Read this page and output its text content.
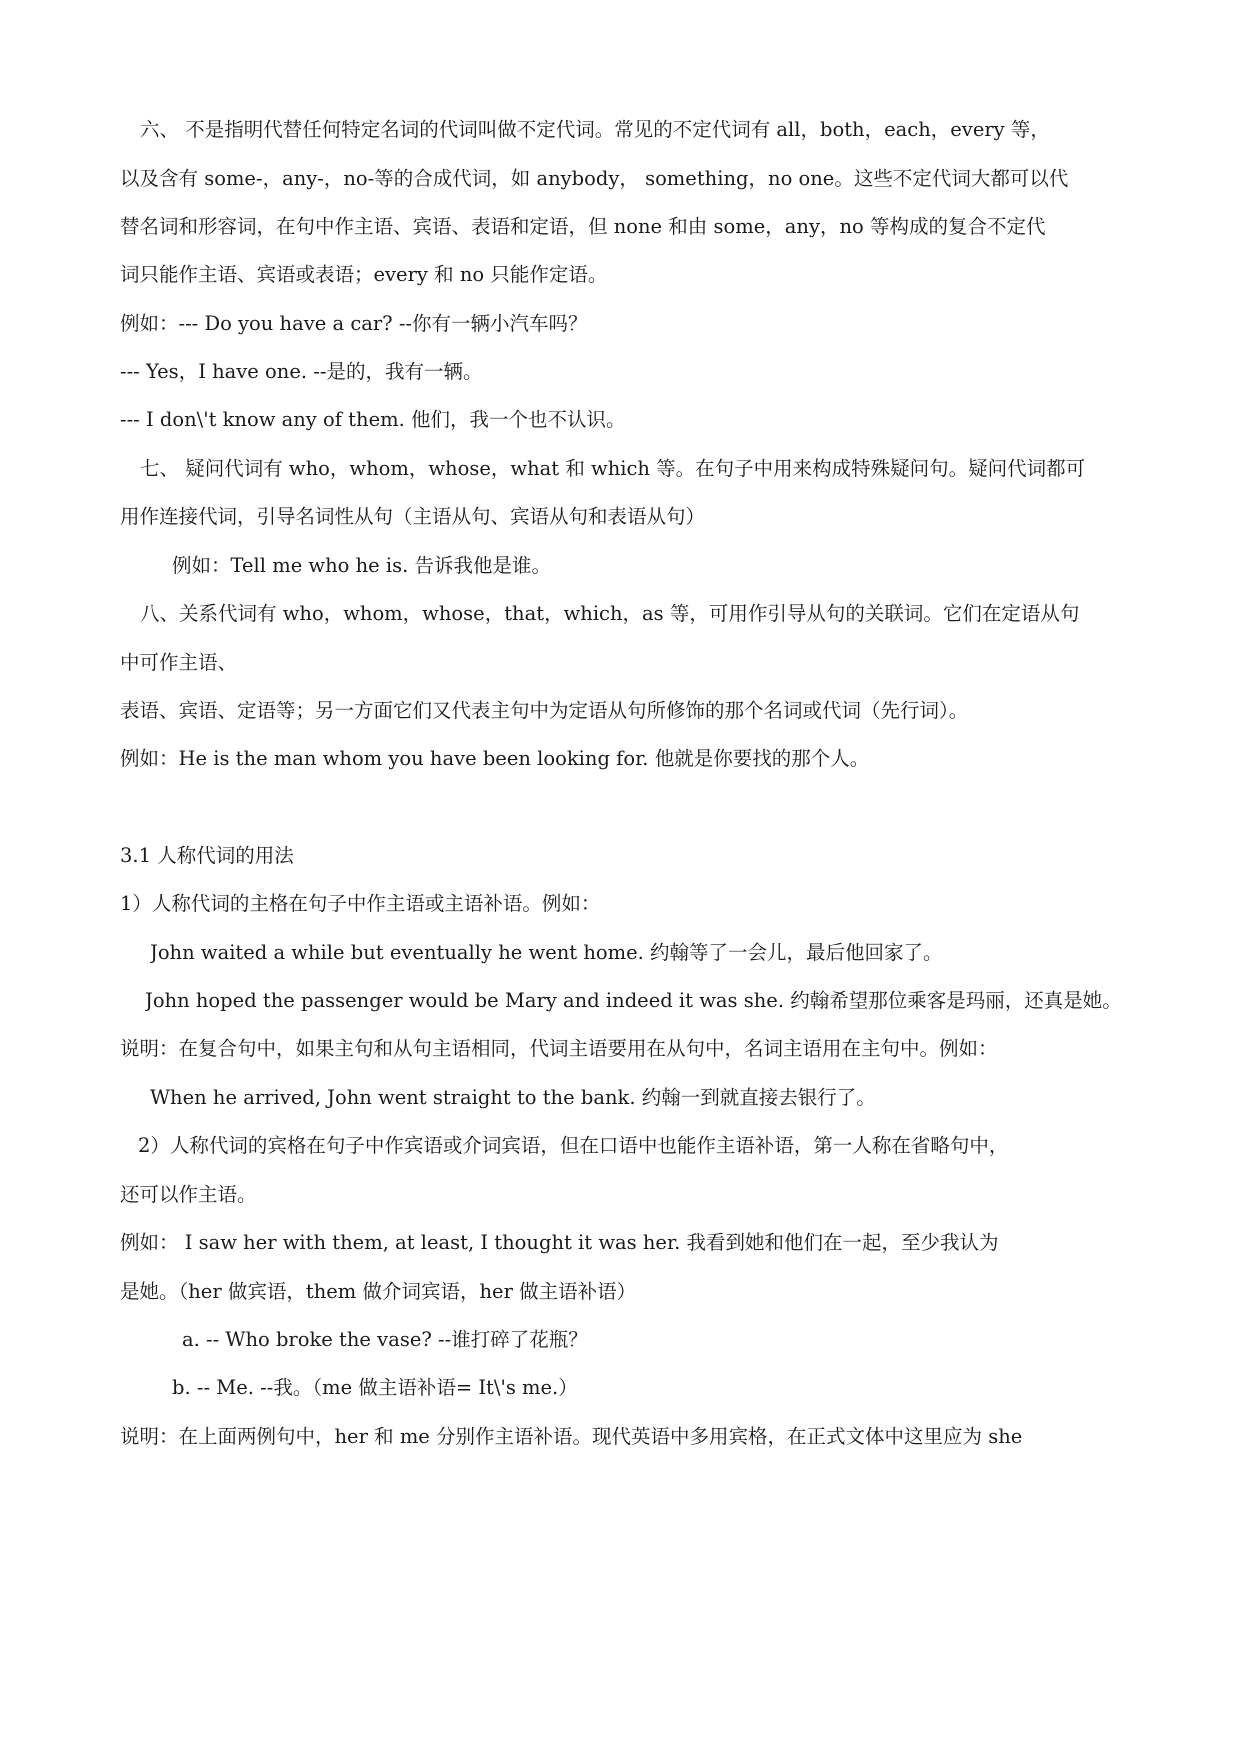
六、 不是指明代替任何特定名词的代词叫做不定代词。常见的不定代词有 all，both，each，every 等，
以及含有 some-，any-，no-等的合成代词，如 anybody， something，no one。这些不定代词大都可以代
替名词和形容词，在句中作主语、宾语、表语和定语，但 none 和由 some，any，no 等构成的复合不定代
词只能作主语、宾语或表语；every 和 no 只能作定语。
例如：--- Do you have a car? --你有一辆小汽车吗？
--- Yes，I have one. --是的，我有一辆。
--- I don\'t know any of them. 他们，我一个也不认识。
七、 疑问代词有 who，whom，whose，what 和 which 等。在句子中用来构成特殊疑问句。疑问代词都可
用作连接代词，引导名词性从句（主语从句、宾语从句和表语从句）
例如：Tell me who he is. 告诉我他是谁。
八、关系代词有 who，whom，whose，that，which，as 等，可用作引导从句的关联词。它们在定语从句
中可作主语、
表语、宾语、定语等；另一方面它们又代表主句中为定语从句所修饰的那个名词或代词（先行词）。
例如：He is the man whom you have been looking for. 他就是你要找的那个人。
3.1 人称代词的用法
1）人称代词的主格在句子中作主语或主语补语。例如：
John waited a while but eventually he went home. 约翰等了一会儿，最后他回家了。
John hoped the passenger would be Mary and indeed it was she. 约翰希望那位乘客是玛丽，还真是她。
说明：在复合句中，如果主句和从句主语相同，代词主语要用在从句中，名词主语用在主句中。例如：
When he arrived, John went straight to the bank. 约翰一到就直接去银行了。
2）人称代词的宾格在句子中作宾语或介词宾语，但在口语中也能作主语补语，第一人称在省略句中，
还可以作主语。
例如： I saw her with them, at least, I thought it was her. 我看到她和他们在一起，至少我认为
是她。（her 做宾语，them 做介词宾语，her 做主语补语）
a. -- Who broke the vase? --谁打碎了花瓶？
b. -- Me. --我。（me 做主语补语= It\'s me.）
说明：在上面两例句中，her 和 me 分别作主语补语。现代英语中多用宾格，在正式文体中这里应为 she
